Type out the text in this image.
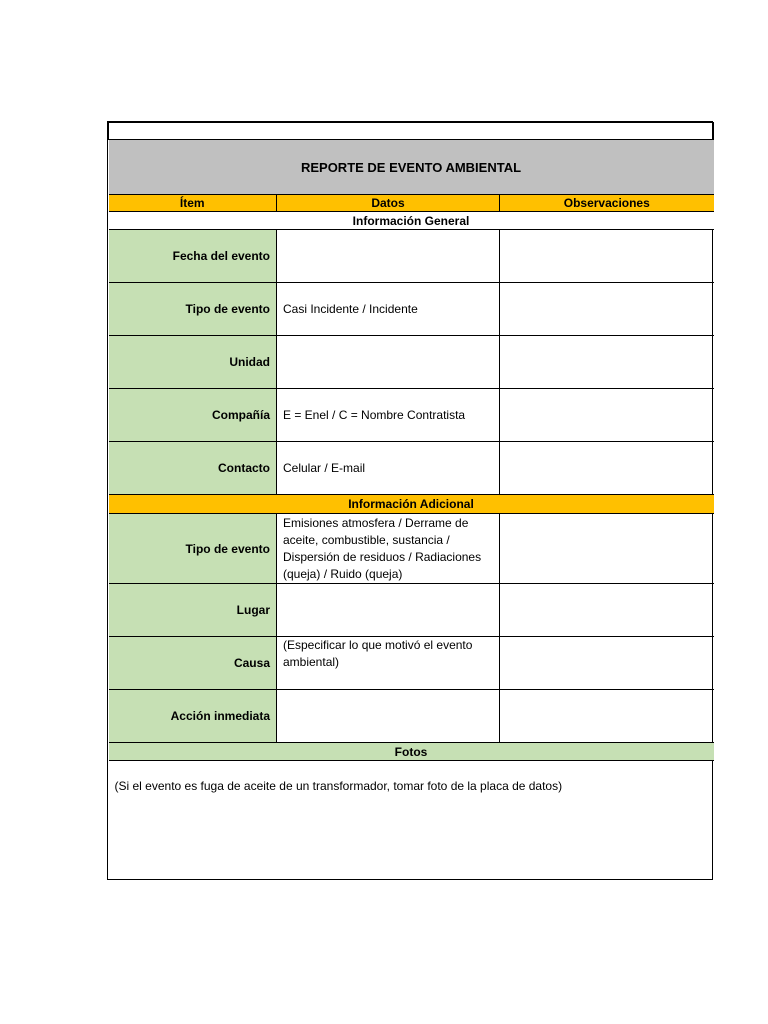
REPORTE DE EVENTO AMBIENTAL		
Ítem	Datos	Observaciones
Información General		
Fecha del evento		
Tipo de evento	Casi Incidente / Incidente	
Unidad		
Compañía	E = Enel / C = Nombre Contratista	
Contacto	Celular / E-mail	
Información Adicional		
Tipo de evento	Emisiones atmosfera / Derrame de aceite, combustible, sustancia / Dispersión de residuos / Radiaciones (queja) / Ruido (queja)	
Lugar		
Causa	(Especificar lo que motivó el evento ambiental)	
Acción inmediata		
Fotos		
(Si el evento es fuga de aceite de un transformador, tomar foto de la placa de datos)		
